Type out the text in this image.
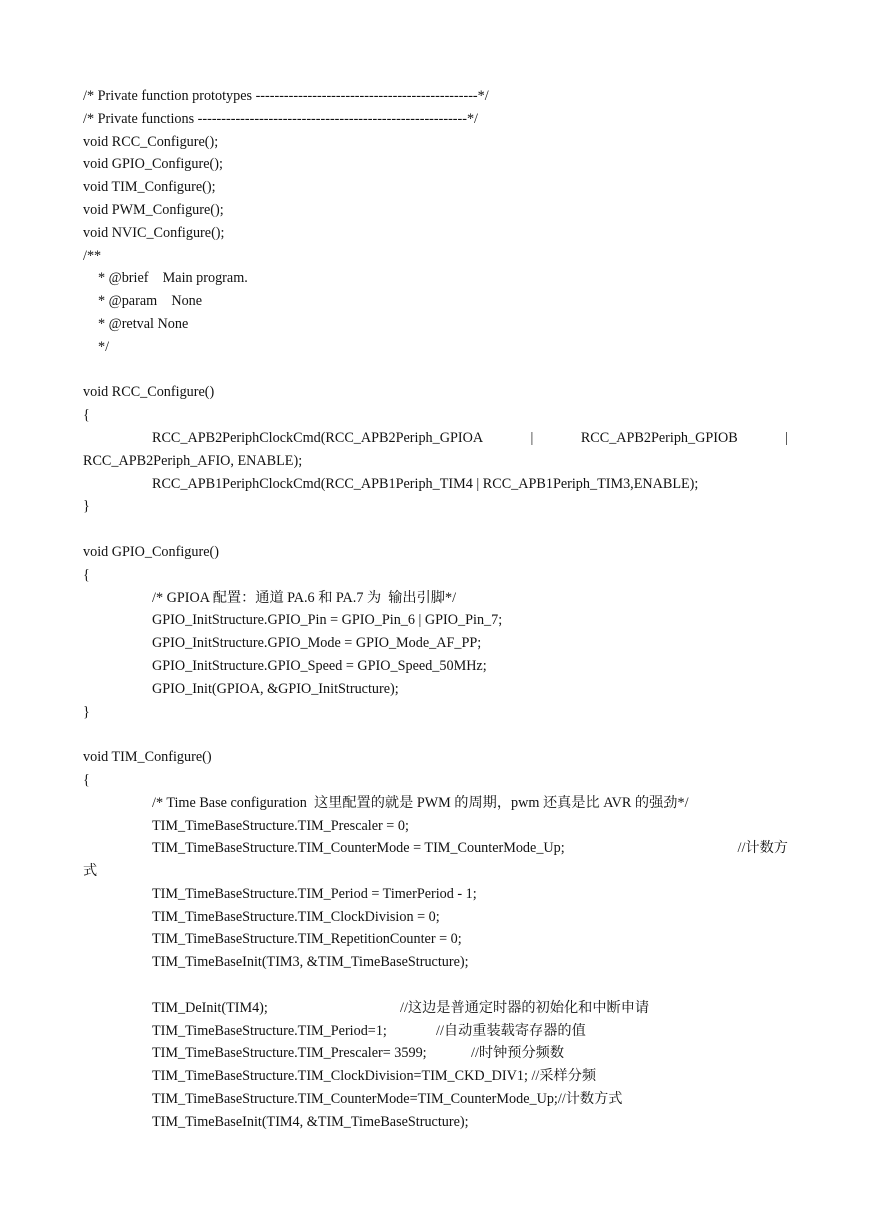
/* Private function prototypes -----------------------------------------------*/
/* Private functions ---------------------------------------------------------*/
void RCC_Configure();
void GPIO_Configure();
void TIM_Configure();
void PWM_Configure();
void NVIC_Configure();
/**
* @brief    Main program.
* @param    None
* @retval None
*/
void RCC_Configure()
{
RCC_APB2PeriphClockCmd(RCC_APB2Periph_GPIOA	|	RCC_APB2Periph_GPIOB	|
RCC_APB2Periph_AFIO, ENABLE);
RCC_APB1PeriphClockCmd(RCC_APB1Periph_TIM4 | RCC_APB1Periph_TIM3,ENABLE);
}
void GPIO_Configure()
{
/* GPIOA 配置：通道 PA.6 和 PA.7 为  输出引脚*/
GPIO_InitStructure.GPIO_Pin = GPIO_Pin_6 | GPIO_Pin_7;
GPIO_InitStructure.GPIO_Mode = GPIO_Mode_AF_PP;
GPIO_InitStructure.GPIO_Speed = GPIO_Speed_50MHz;
GPIO_Init(GPIOA, &GPIO_InitStructure);
}
void TIM_Configure()
{
/* Time Base configuration  这里配置的就是 PWM 的周期，pwm 还真是比 AVR 的强劲*/
TIM_TimeBaseStructure.TIM_Prescaler = 0;
TIM_TimeBaseStructure.TIM_CounterMode = TIM_CounterMode_Up;	//计数方
式
TIM_TimeBaseStructure.TIM_Period = TimerPeriod - 1;
TIM_TimeBaseStructure.TIM_ClockDivision = 0;
TIM_TimeBaseStructure.TIM_RepetitionCounter = 0;
TIM_TimeBaseInit(TIM3, &TIM_TimeBaseStructure);
TIM_DeInit(TIM4);	//这边是普通定时器的初始化和中断申请
TIM_TimeBaseStructure.TIM_Period=1;	//自动重装载寄存器的值
TIM_TimeBaseStructure.TIM_Prescaler= 3599;	//时钟预分频数
TIM_TimeBaseStructure.TIM_ClockDivision=TIM_CKD_DIV1; //采样分频
TIM_TimeBaseStructure.TIM_CounterMode=TIM_CounterMode_Up;//计数方式
TIM_TimeBaseInit(TIM4, &TIM_TimeBaseStructure);
